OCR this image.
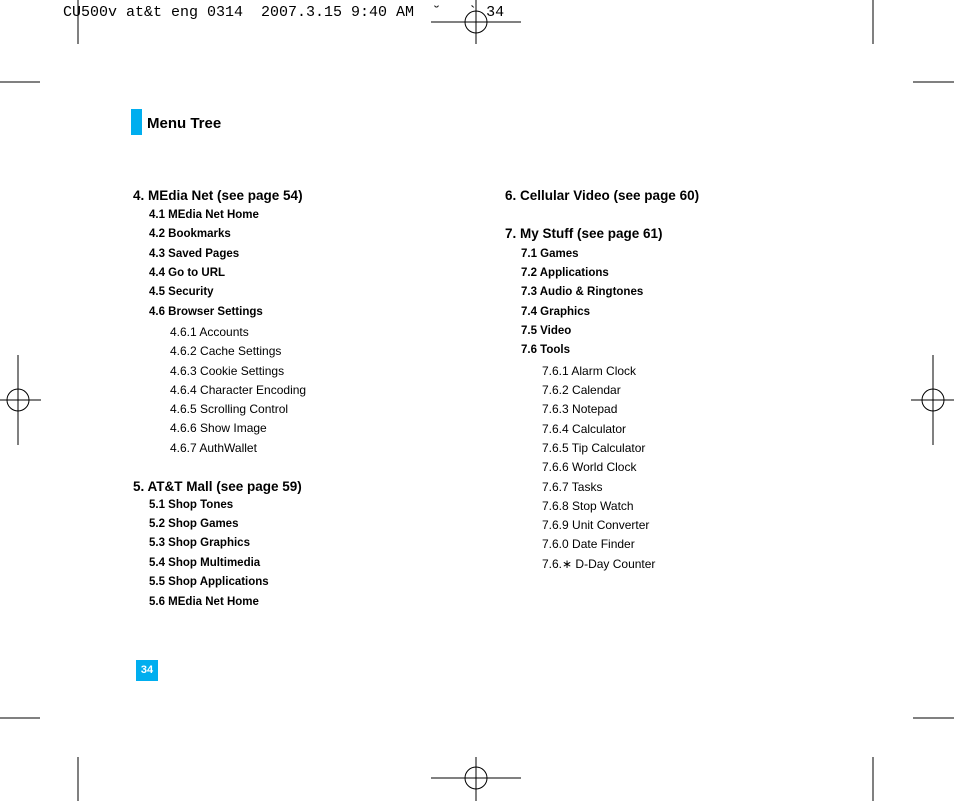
CU500v at&t eng 0314  2007.3.15 9:40 AM  ˘   ` 34
Menu Tree
4. MEdia Net (see page 54)
4.1 MEdia Net Home
4.2 Bookmarks
4.3 Saved Pages
4.4 Go to URL
4.5 Security
4.6 Browser Settings
4.6.1 Accounts
4.6.2 Cache Settings
4.6.3 Cookie Settings
4.6.4 Character Encoding
4.6.5 Scrolling Control
4.6.6 Show Image
4.6.7 AuthWallet
5. AT&T Mall (see page 59)
5.1 Shop Tones
5.2 Shop Games
5.3 Shop Graphics
5.4 Shop Multimedia
5.5 Shop Applications
5.6 MEdia Net Home
6. Cellular Video (see page 60)
7. My Stuff (see page 61)
7.1 Games
7.2 Applications
7.3 Audio & Ringtones
7.4 Graphics
7.5 Video
7.6 Tools
7.6.1 Alarm Clock
7.6.2 Calendar
7.6.3 Notepad
7.6.4 Calculator
7.6.5 Tip Calculator
7.6.6 World Clock
7.6.7 Tasks
7.6.8 Stop Watch
7.6.9 Unit Converter
7.6.0 Date Finder
7.6.∗ D-Day Counter
34
